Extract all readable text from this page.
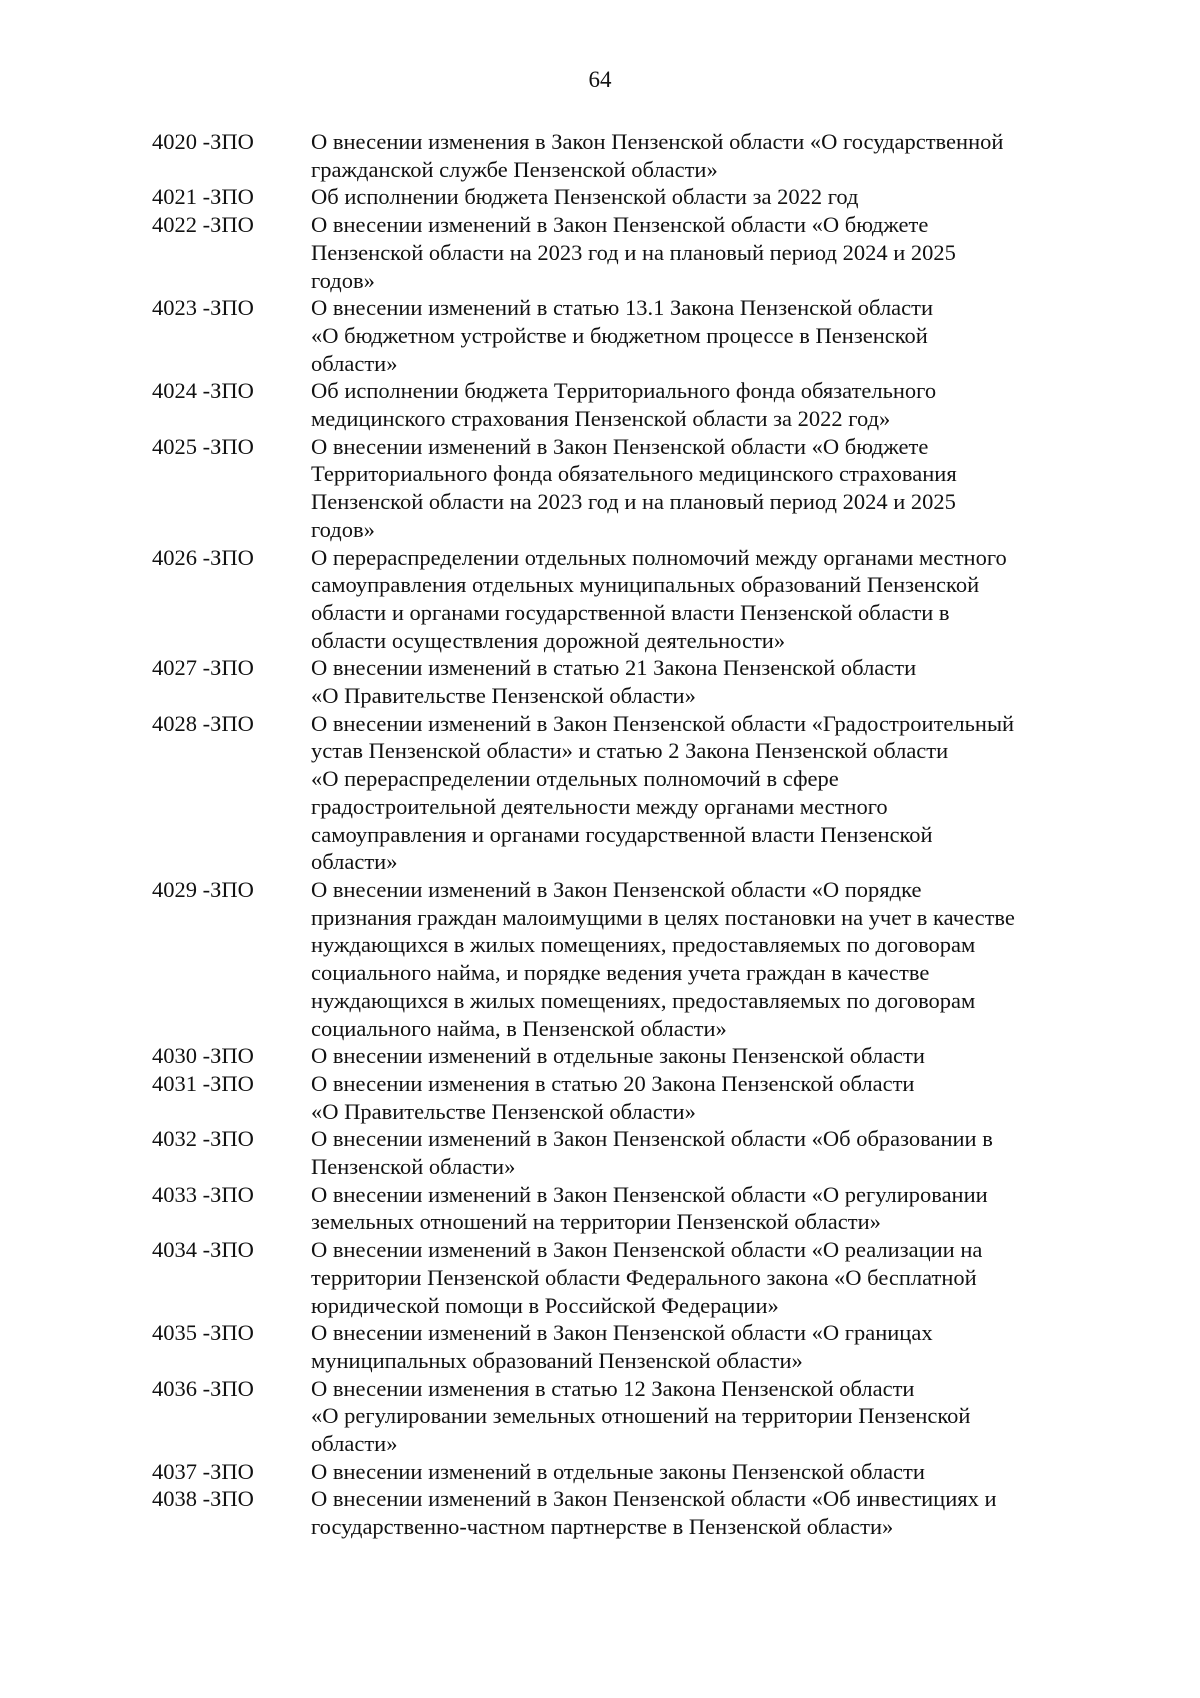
64
4020 -ЗПО	О внесении изменения в Закон Пензенской области «О государственной
гражданской службе Пензенской области»
4021 -ЗПО	Об исполнении бюджета Пензенской области за 2022 год
4022 -ЗПО	О внесении изменений в Закон Пензенской области «О бюджете
Пензенской области на 2023 год и на плановый период 2024 и 2025
годов»
4023 -ЗПО	О внесении изменений в статью 13.1 Закона Пензенской области
«О бюджетном устройстве и бюджетном процессе в Пензенской
области»
4024 -ЗПО	Об исполнении бюджета Территориального фонда обязательного
медицинского страхования Пензенской области за 2022 год»
4025 -ЗПО	О внесении изменений в Закон Пензенской области «О бюджете
Территориального фонда обязательного медицинского страхования
Пензенской области на 2023 год и на плановый период 2024 и 2025
годов»
4026 -ЗПО	О перераспределении отдельных полномочий между органами местного
самоуправления отдельных муниципальных образований Пензенской
области и органами государственной власти Пензенской области в
области осуществления дорожной деятельности»
4027 -ЗПО	О внесении изменений в статью 21 Закона Пензенской области
«О Правительстве Пензенской области»
4028 -ЗПО	О внесении изменений в Закон Пензенской области «Градостроительный
устав Пензенской области» и статью 2 Закона Пензенской области
«О перераспределении отдельных полномочий в сфере
градостроительной деятельности между органами местного
самоуправления и органами государственной власти Пензенской
области»
4029 -ЗПО	О внесении изменений в Закон Пензенской области «О порядке
признания граждан малоимущими в целях постановки на учет в качестве
нуждающихся в жилых помещениях, предоставляемых по договорам
социального найма, и порядке ведения учета граждан в качестве
нуждающихся в жилых помещениях, предоставляемых по договорам
социального найма, в Пензенской области»
4030 -ЗПО	О внесении изменений в отдельные законы Пензенской области
4031 -ЗПО	О внесении изменения в статью 20 Закона Пензенской области
«О Правительстве Пензенской области»
4032 -ЗПО	О внесении изменений в Закон Пензенской области «Об образовании в
Пензенской области»
4033 -ЗПО	О внесении изменений в Закон Пензенской области «О регулировании
земельных отношений на территории Пензенской области»
4034 -ЗПО	О внесении изменений в Закон Пензенской области «О реализации на
территории Пензенской области Федерального закона «О бесплатной
юридической помощи в Российской Федерации»
4035 -ЗПО	О внесении изменений в Закон Пензенской области «О границах
муниципальных образований Пензенской области»
4036 -ЗПО	О внесении изменения в статью 12 Закона Пензенской области
«О регулировании земельных отношений на территории Пензенской
области»
4037 -ЗПО	О внесении изменений в отдельные законы Пензенской области
4038 -ЗПО	О внесении изменений в Закон Пензенской области «Об инвестициях и
государственно-частном партнерстве в Пензенской области»
